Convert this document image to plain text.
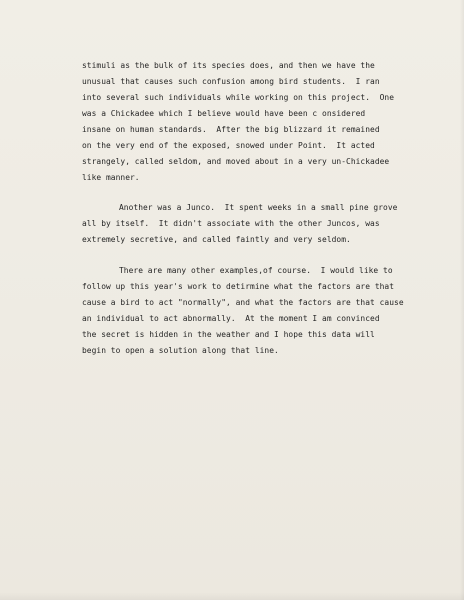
stimuli as the bulk of its species does, and then we have the
unusual that causes such confusion among bird students.  I ran
into several such individuals while working on this project.  One
was a Chickadee which I believe would have been c onsidered
insane on human standards.  After the big blizzard it remained
on the very end of the exposed, snowed under Point.  It acted
strangely, called seldom, and moved about in a very un-Chickadee
like manner.
Another was a Junco.  It spent weeks in a small pine grove
all by itself.  It didn't associate with the other Juncos, was
extremely secretive, and called faintly and very seldom.
There are many other examples,of course.  I would like to
follow up this year's work to detirmine what the factors are that
cause a bird to act "normally", and what the factors are that cause
an individual to act abnormally.  At the moment I am convinced
the secret is hidden in the weather and I hope this data will
begin to open a solution along that line.
